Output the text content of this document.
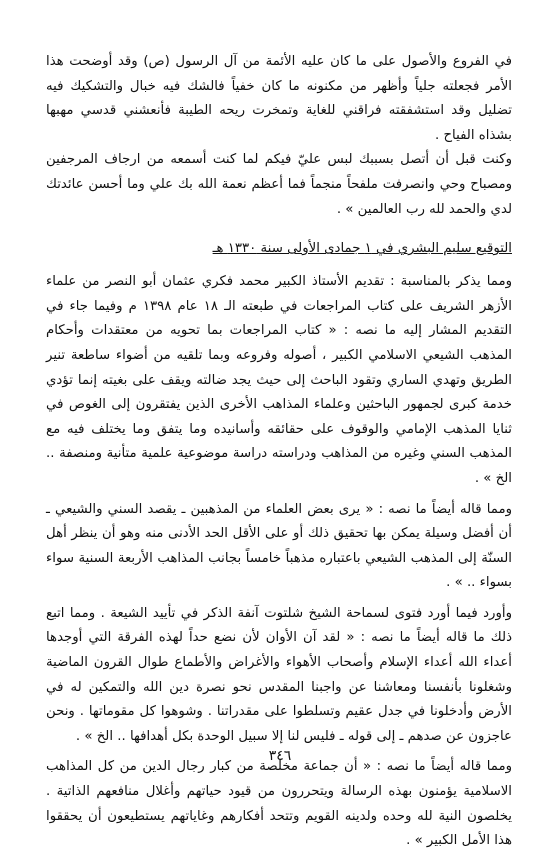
في الفروع والأصول على ما كان عليه الأئمة من آل الرسول (ص) وقد أوضحت هذا الأمر فجعلته جلياً وأظهر من مكنونه ما كان خفياً فالشك فيه خبال والتشكيك فيه تضليل وقد استشفقته فراقني للغاية وتمخرت ريحه الطيبة فأنعشني قدسي مهبها بشذاه الفياح .

وكنت قبل أن أتصل بسببك لبس عليّ فيكم لما كنت أسمعه من ارجاف المرجفين ومصباح وحي وانصرفت ملفحاً منجماً فما أعظم نعمة الله بك علي وما أحسن عائدتك لدي والحمد لله رب العالمين » .

التوقيع سليم البشري في ١ جمادى الأولى سنة ١٣٣٠ هـ

ومما يذكر بالمناسبة : تقديم الأستاذ الكبير محمد فكري عثمان أبو النصر من علماء الأزهر الشريف على كتاب المراجعات في طبعته الـ ١٨ عام ١٣٩٨ م وفيما جاء في التقديم المشار إليه ما نصه : « كتاب المراجعات بما تحويه من معتقدات وأحكام المذهب الشيعي الاسلامي الكبير ، أصوله وفروعه وبما تلقيه من أضواء ساطعة تنير الطريق وتهدي الساري وتقود الباحث إلى حيث يجد ضالته ويقف على بغيته إنما تؤدي خدمة كبرى لجمهور الباحثين وعلماء المذاهب الأخرى الذين يفتقرون إلى الغوص في ثنايا المذهب الإمامي والوقوف على حقائقه وأسانيده وما يتفق وما يختلف فيه مع المذهب السني وغيره من المذاهب ودراسته دراسة موضوعية علمية متأنية ومنصفة .. الخ » .

ومما قاله أيضاً ما نصه : « يرى بعض العلماء من المذهبين ـ يقصد السني والشيعي ـ أن أفضل وسيلة يمكن بها تحقيق ذلك أو على الأقل الحد الأدنى منه وهو أن ينظر أهل السنّة إلى المذهب الشيعي باعتباره مذهباً خامساً بجانب المذاهب الأربعة السنية سواء بسواء .. » .

وأورد فيما أورد فتوى لسماحة الشيخ شلتوت آنفة الذكر في تأييد الشيعة . ومما اتبع ذلك ما قاله أيضاً ما نصه : « لقد آن الأوان لأن نضع حداً لهذه الفرقة التي أوجدها أعداء الله أعداء الإسلام وأصحاب الأهواء والأغراض والأطماع طوال القرون الماضية وشغلونا بأنفسنا ومعاشنا عن واجبنا المقدس نحو نصرة دين الله والتمكين له في الأرض وأدخلونا في جدل عقيم وتسلطوا على مقدراتنا . وشوهوا كل مقوماتها . ونحن عاجزون عن صدهم ـ إلى قوله ـ فليس لنا إلا سبيل الوحدة بكل أهدافها .. الخ » .

ومما قاله أيضاً ما نصه : « أن جماعة مخلصة من كبار رجال الدين من كل المذاهب الاسلامية يؤمنون بهذه الرسالة ويتحررون من قيود حياتهم وأغلال منافعهم الذاتية . يخلصون النية لله وحده ولدينه القويم وتتحد أفكارهم وغاياتهم يستطيعون أن يحققوا هذا الأمل الكبير » .

٣٤٦
